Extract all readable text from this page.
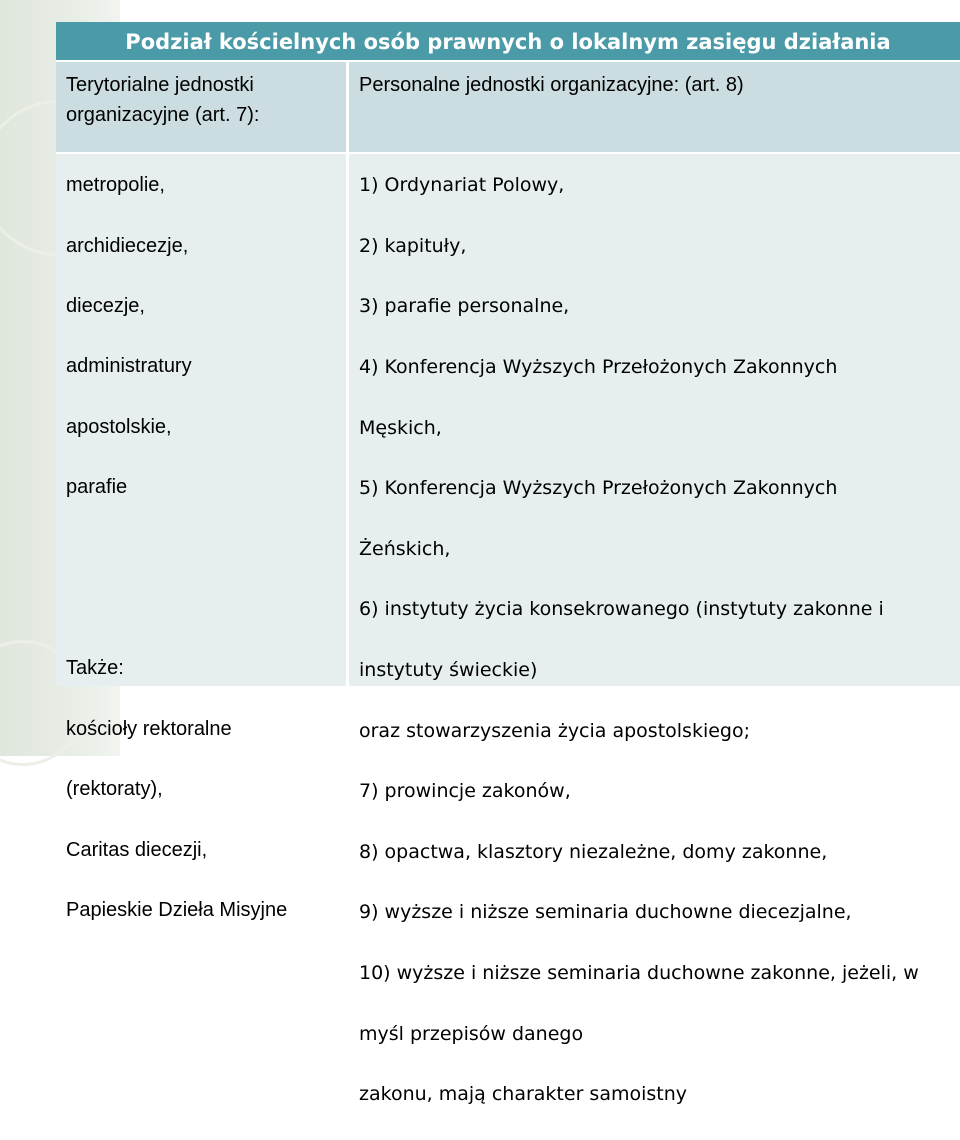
Podział kościelnych osób prawnych o lokalnym zasięgu działania
Terytorialne jednostki
organizacyjne (art. 7):
Personalne jednostki organizacyjne: (art. 8)

metropolie,

archidiecezje,

diecezje,

administratury

apostolskie,

parafie

Także:

kościoły rektoralne

(rektoraty),

Caritas diecezji,

Papieskie Dzieła Misyjne

1) Ordynariat Polowy,

2) kapituły,

3) parafie personalne,

4) Konferencja Wyższych Przełożonych Zakonnych

Męskich,

5) Konferencja Wyższych Przełożonych Zakonnych

Żeńskich,

6) instytuty życia konsekrowanego (instytuty zakonne i

instytuty świeckie)

oraz stowarzyszenia życia apostolskiego;

7) prowincje zakonów,

8) opactwa, klasztory niezależne, domy zakonne,

9) wyższe i niższe seminaria duchowne diecezjalne,

10) wyższe i niższe seminaria duchowne zakonne, jeżeli, w

myśl przepisów danego

zakonu, mają charakter samoistny
